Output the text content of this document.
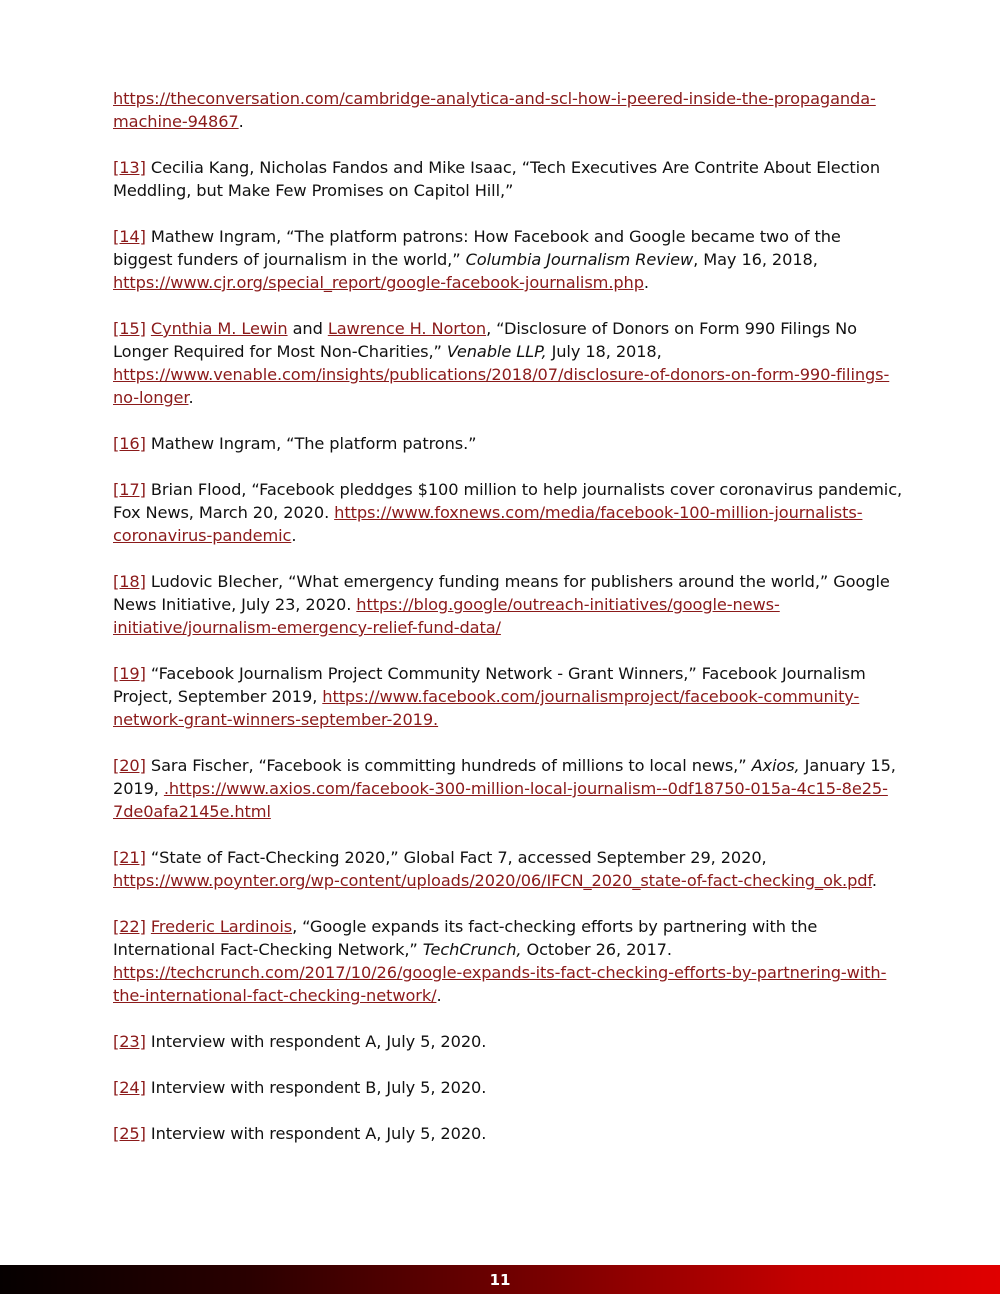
https://theconversation.com/cambridge-analytica-and-scl-how-i-peered-inside-the-propaganda-machine-94867.

[13] Cecilia Kang, Nicholas Fandos and Mike Isaac, “Tech Executives Are Contrite About Election Meddling, but Make Few Promises on Capitol Hill,”

[14] Mathew Ingram, “The platform patrons: How Facebook and Google became two of the biggest funders of journalism in the world,” Columbia Journalism Review, May 16, 2018, https://www.cjr.org/special_report/google-facebook-journalism.php.

[15] Cynthia M. Lewin and Lawrence H. Norton, “Disclosure of Donors on Form 990 Filings No Longer Required for Most Non-Charities,” Venable LLP, July 18, 2018, https://www.venable.com/insights/publications/2018/07/disclosure-of-donors-on-form-990-filings-no-longer.

[16] Mathew Ingram, “The platform patrons.”

[17] Brian Flood, “Facebook pleddges $100 million to help journalists cover coronavirus pandemic, Fox News, March 20, 2020. https://www.foxnews.com/media/facebook-100-million-journalists-coronavirus-pandemic.

[18] Ludovic Blecher, “What emergency funding means for publishers around the world,” Google News Initiative, July 23, 2020. https://blog.google/outreach-initiatives/google-news-initiative/journalism-emergency-relief-fund-data/

[19] “Facebook Journalism Project Community Network - Grant Winners,” Facebook Journalism Project, September 2019, https://www.facebook.com/journalismproject/facebook-community-network-grant-winners-september-2019.

[20] Sara Fischer, “Facebook is committing hundreds of millions to local news,” Axios, January 15, 2019, .https://www.axios.com/facebook-300-million-local-journalism--0df18750-015a-4c15-8e25-7de0afa2145e.html

[21] “State of Fact-Checking 2020,” Global Fact 7, accessed September 29, 2020, https://www.poynter.org/wp-content/uploads/2020/06/IFCN_2020_state-of-fact-checking_ok.pdf.

[22] Frederic Lardinois, “Google expands its fact-checking efforts by partnering with the International Fact-Checking Network,” TechCrunch, October 26, 2017. https://techcrunch.com/2017/10/26/google-expands-its-fact-checking-efforts-by-partnering-with-the-international-fact-checking-network/.

[23] Interview with respondent A, July 5, 2020.

[24] Interview with respondent B, July 5, 2020.

[25] Interview with respondent A, July 5, 2020.

11
